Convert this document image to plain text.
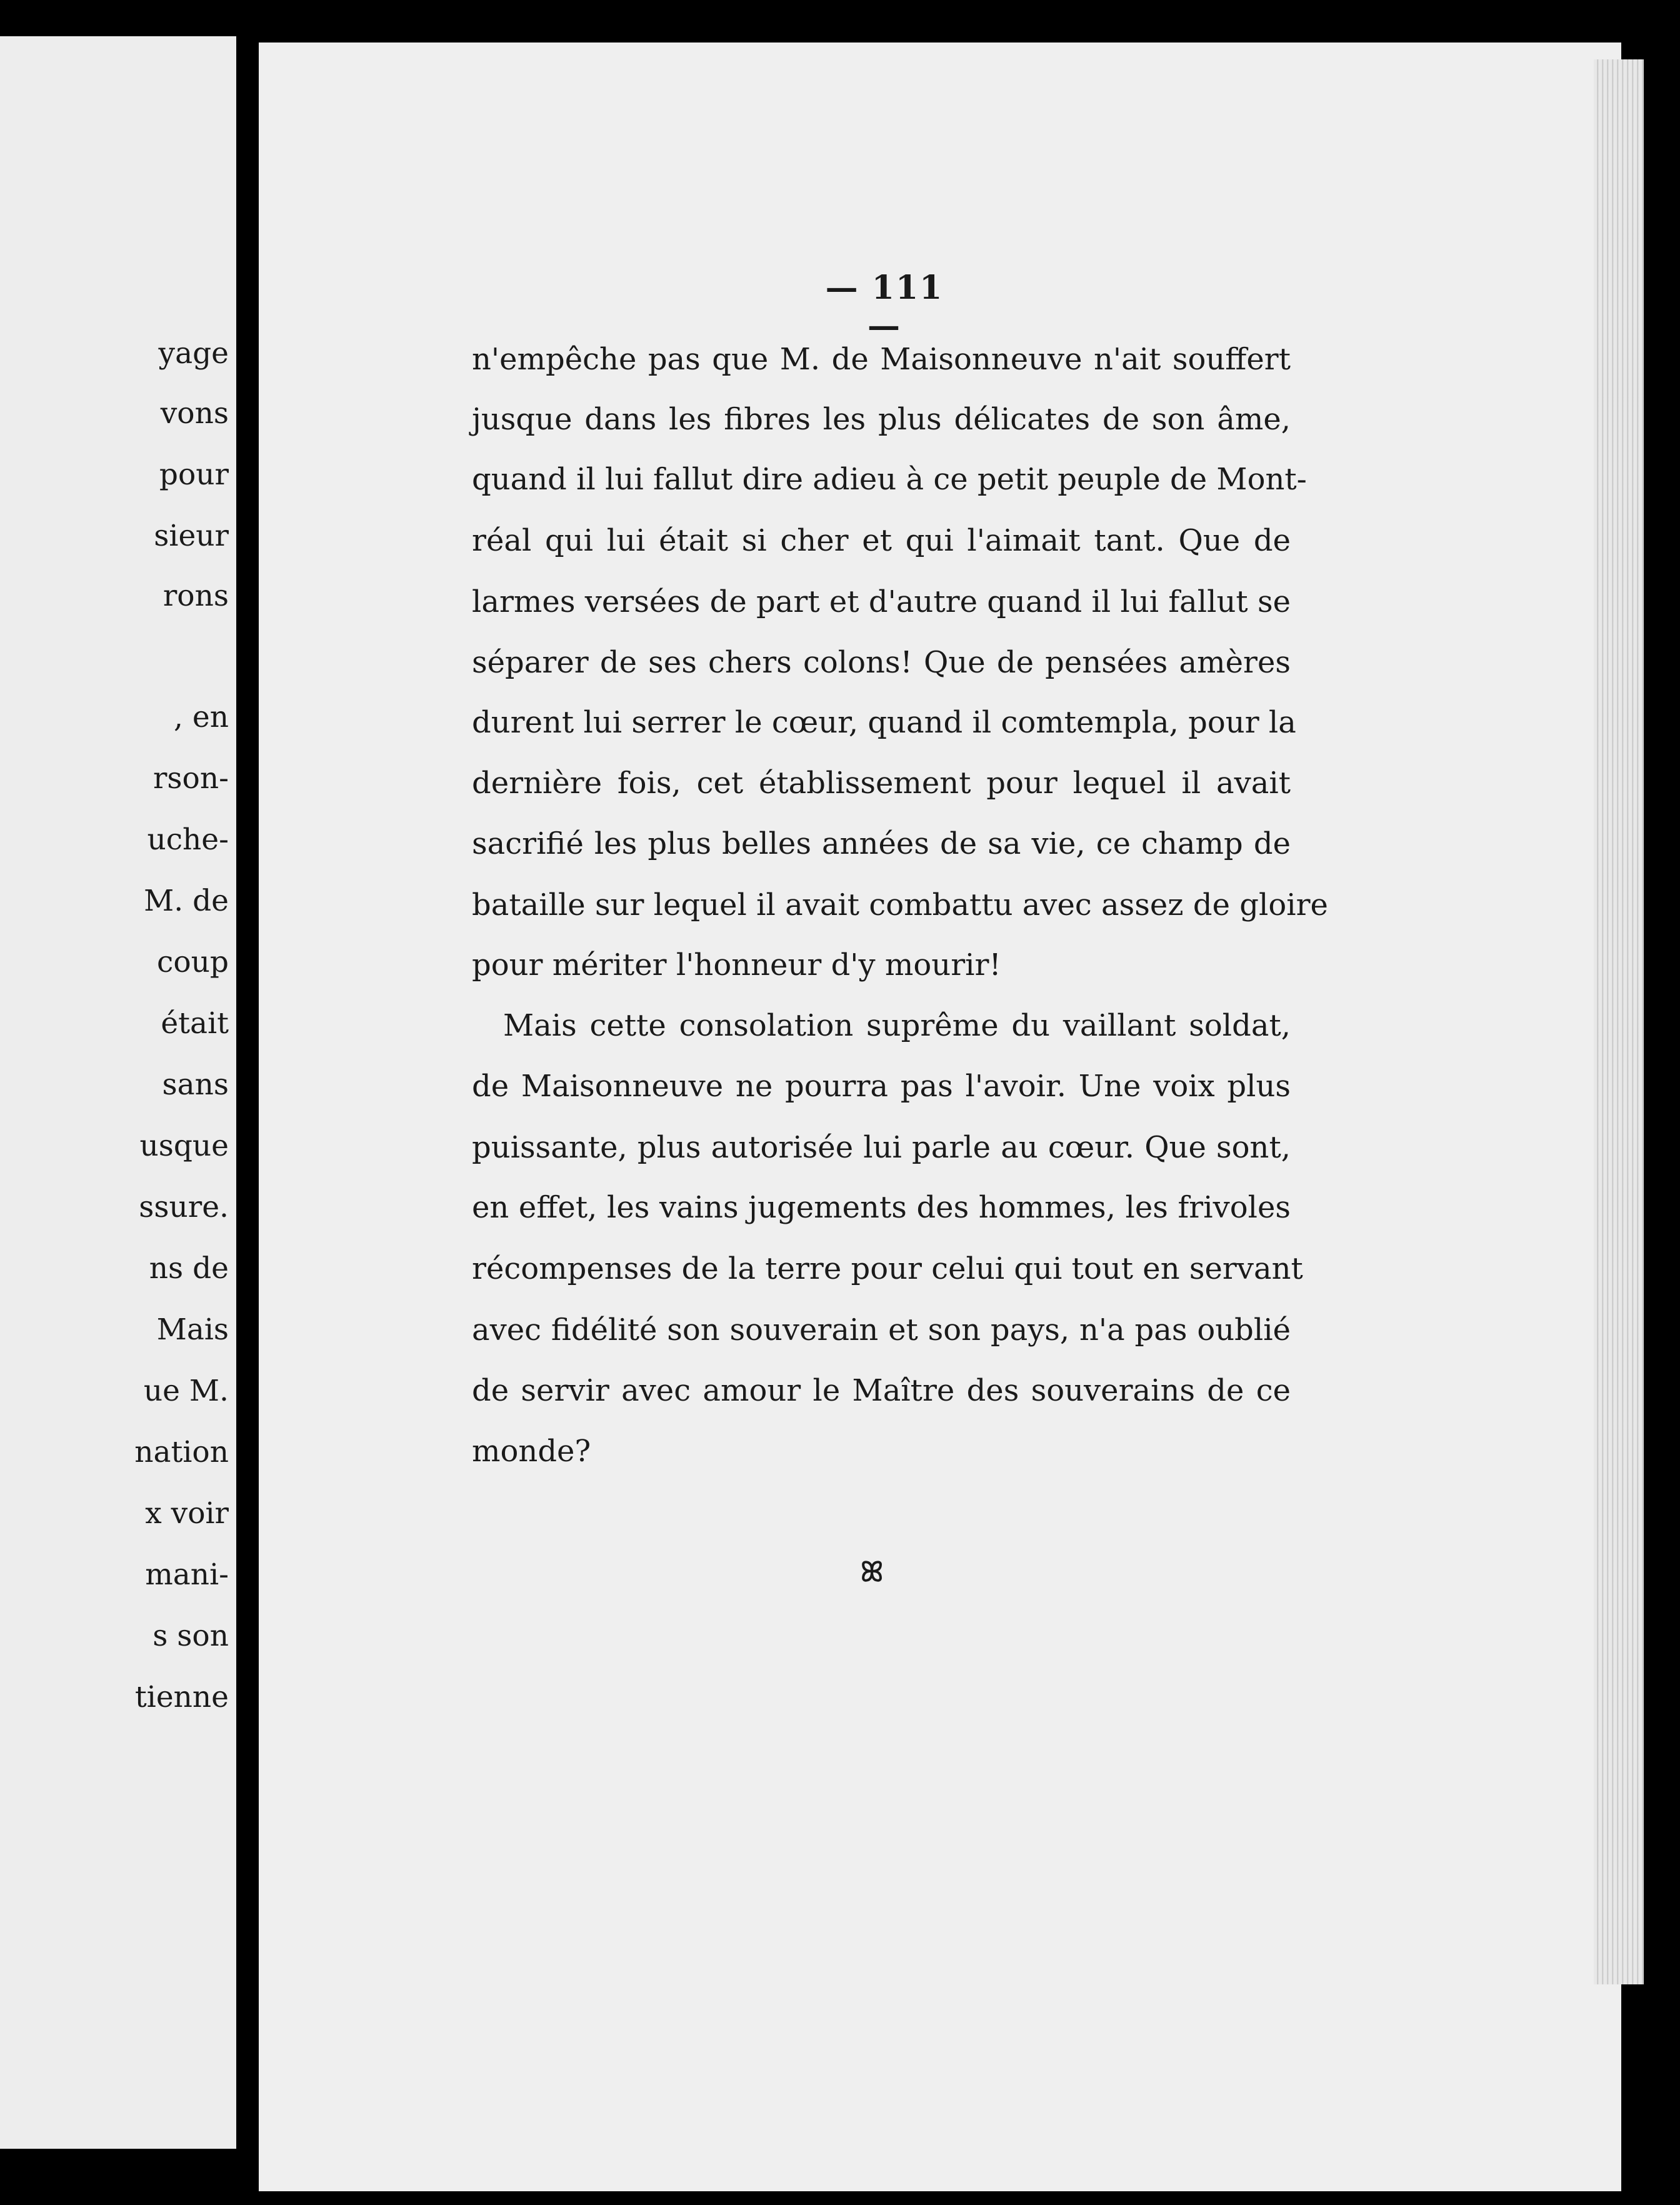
yage
vons
pour
sieur
rons
, en
rson-
uche-
M. de
coup
était
sans
usque
ssure.
ns de
Mais
ue M.
nation
x voir
mani-
s son
tienne
— 111 —
n'empêche pas que M. de Maisonneuve n'ait souffert
jusque dans les fibres les plus délicates de son âme,
quand il lui fallut dire adieu à ce petit peuple de Mont-
réal qui lui était si cher et qui l'aimait tant. Que de
larmes versées de part et d'autre quand il lui fallut se
séparer de ses chers colons! Que de pensées amères
durent lui serrer le cœur, quand il comtempla, pour la
dernière fois, cet établissement pour lequel il avait
sacrifié les plus belles années de sa vie, ce champ de
bataille sur lequel il avait combattu avec assez de gloire
pour mériter l'honneur d'y mourir!
Mais cette consolation suprême du vaillant soldat,
de Maisonneuve ne pourra pas l'avoir. Une voix plus
puissante, plus autorisée lui parle au cœur. Que sont,
en effet, les vains jugements des hommes, les frivoles
récompenses de la terre pour celui qui tout en servant
avec fidélité son souverain et son pays, n'a pas oublié
de servir avec amour le Maître des souverains de ce
monde?
ꕤ
